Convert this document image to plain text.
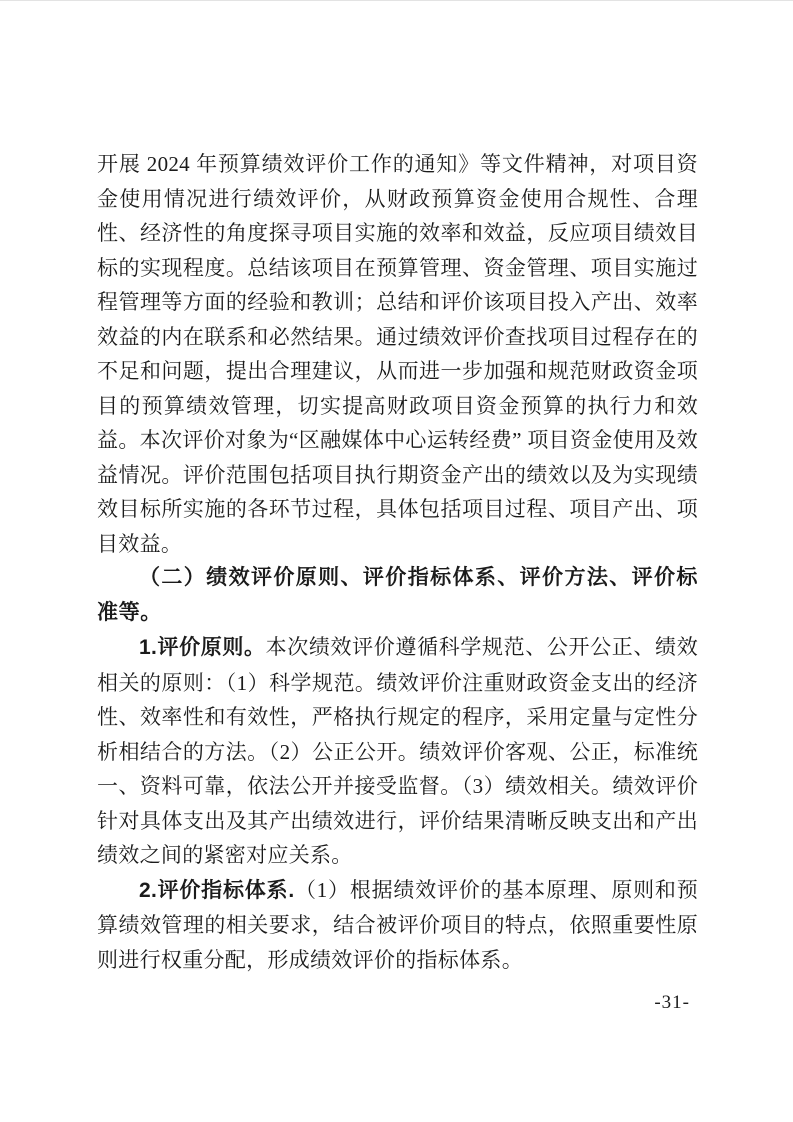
开展 2024 年预算绩效评价工作的通知》等文件精神，对项目资金使用情况进行绩效评价，从财政预算资金使用合规性、合理性、经济性的角度探寻项目实施的效率和效益，反应项目绩效目标的实现程度。总结该项目在预算管理、资金管理、项目实施过程管理等方面的经验和教训；总结和评价该项目投入产出、效率效益的内在联系和必然结果。通过绩效评价查找项目过程存在的不足和问题，提出合理建议，从而进一步加强和规范财政资金项目的预算绩效管理，切实提高财政项目资金预算的执行力和效益。本次评价对象为“区融媒体中心运转经费” 项目资金使用及效益情况。评价范围包括项目执行期资金产出的绩效以及为实现绩效目标所实施的各环节过程，具体包括项目过程、项目产出、项目效益。

（二）绩效评价原则、评价指标体系、评价方法、评价标准等。

1.评价原则。本次绩效评价遵循科学规范、公开公正、绩效相关的原则：（1）科学规范。绩效评价注重财政资金支出的经济性、效率性和有效性，严格执行规定的程序，采用定量与定性分析相结合的方法。（2）公正公开。绩效评价客观、公正，标准统一、资料可靠，依法公开并接受监督。（3）绩效相关。绩效评价针对具体支出及其产出绩效进行，评价结果清晰反映支出和产出绩效之间的紧密对应关系。

2.评价指标体系.（1）根据绩效评价的基本原理、原则和预算绩效管理的相关要求，结合被评价项目的特点，依照重要性原则进行权重分配，形成绩效评价的指标体系。

-31-
